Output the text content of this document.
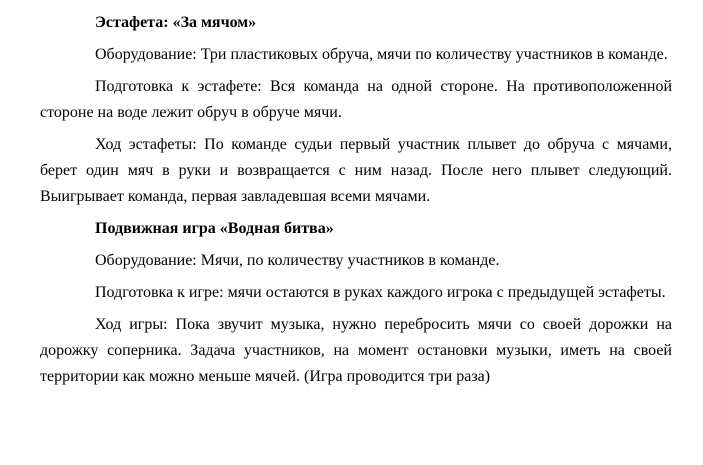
Эстафета: «За мячом»

Оборудование: Три пластиковых обруча, мячи по количеству участников в команде.

Подготовка к эстафете: Вся команда на одной стороне. На противоположенной стороне на воде лежит обруч в обруче мячи.

Ход эстафеты: По команде судьи первый участник плывет до обруча с мячами, берет один мяч в руки и возвращается с ним назад. После него плывет следующий. Выигрывает команда, первая завладевшая всеми мячами.

Подвижная игра «Водная битва»

Оборудование: Мячи, по количеству участников в команде.

Подготовка к игре: мячи остаются в руках каждого игрока с предыдущей эстафеты.

Ход игры: Пока звучит музыка, нужно перебросить мячи со своей дорожки на дорожку соперника. Задача участников, на момент остановки музыки, иметь на своей территории как можно меньше мячей. (Игра проводится три раза)
